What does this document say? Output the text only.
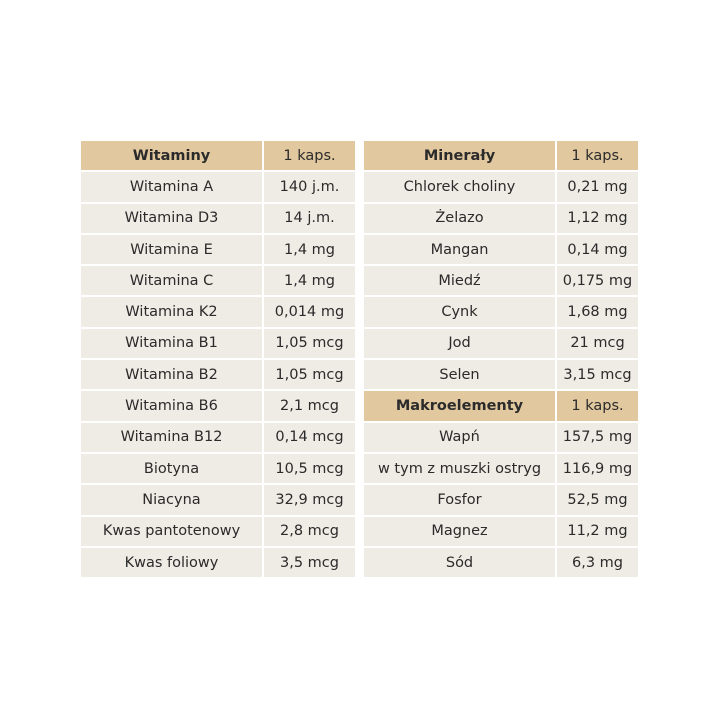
Witaminy	1 kaps.
Witamina A	140 j.m.
Witamina D3	14 j.m.
Witamina E	1,4 mg
Witamina C	1,4 mg
Witamina K2	0,014 mg
Witamina B1	1,05 mcg
Witamina B2	1,05 mcg
Witamina B6	2,1 mcg
Witamina B12	0,14 mcg
Biotyna	10,5 mcg
Niacyna	32,9 mcg
Kwas pantotenowy	2,8 mcg
Kwas foliowy	3,5 mcg
Minerały	1 kaps.
Chlorek choliny	0,21 mg
Żelazo	1,12 mg
Mangan	0,14 mg
Miedź	0,175 mg
Cynk	1,68 mg
Jod	21 mcg
Selen	3,15 mcg
Makroelementy	1 kaps.
Wapń	157,5 mg
w tym z muszki ostryg	116,9 mg
Fosfor	52,5 mg
Magnez	11,2 mg
Sód	6,3 mg
